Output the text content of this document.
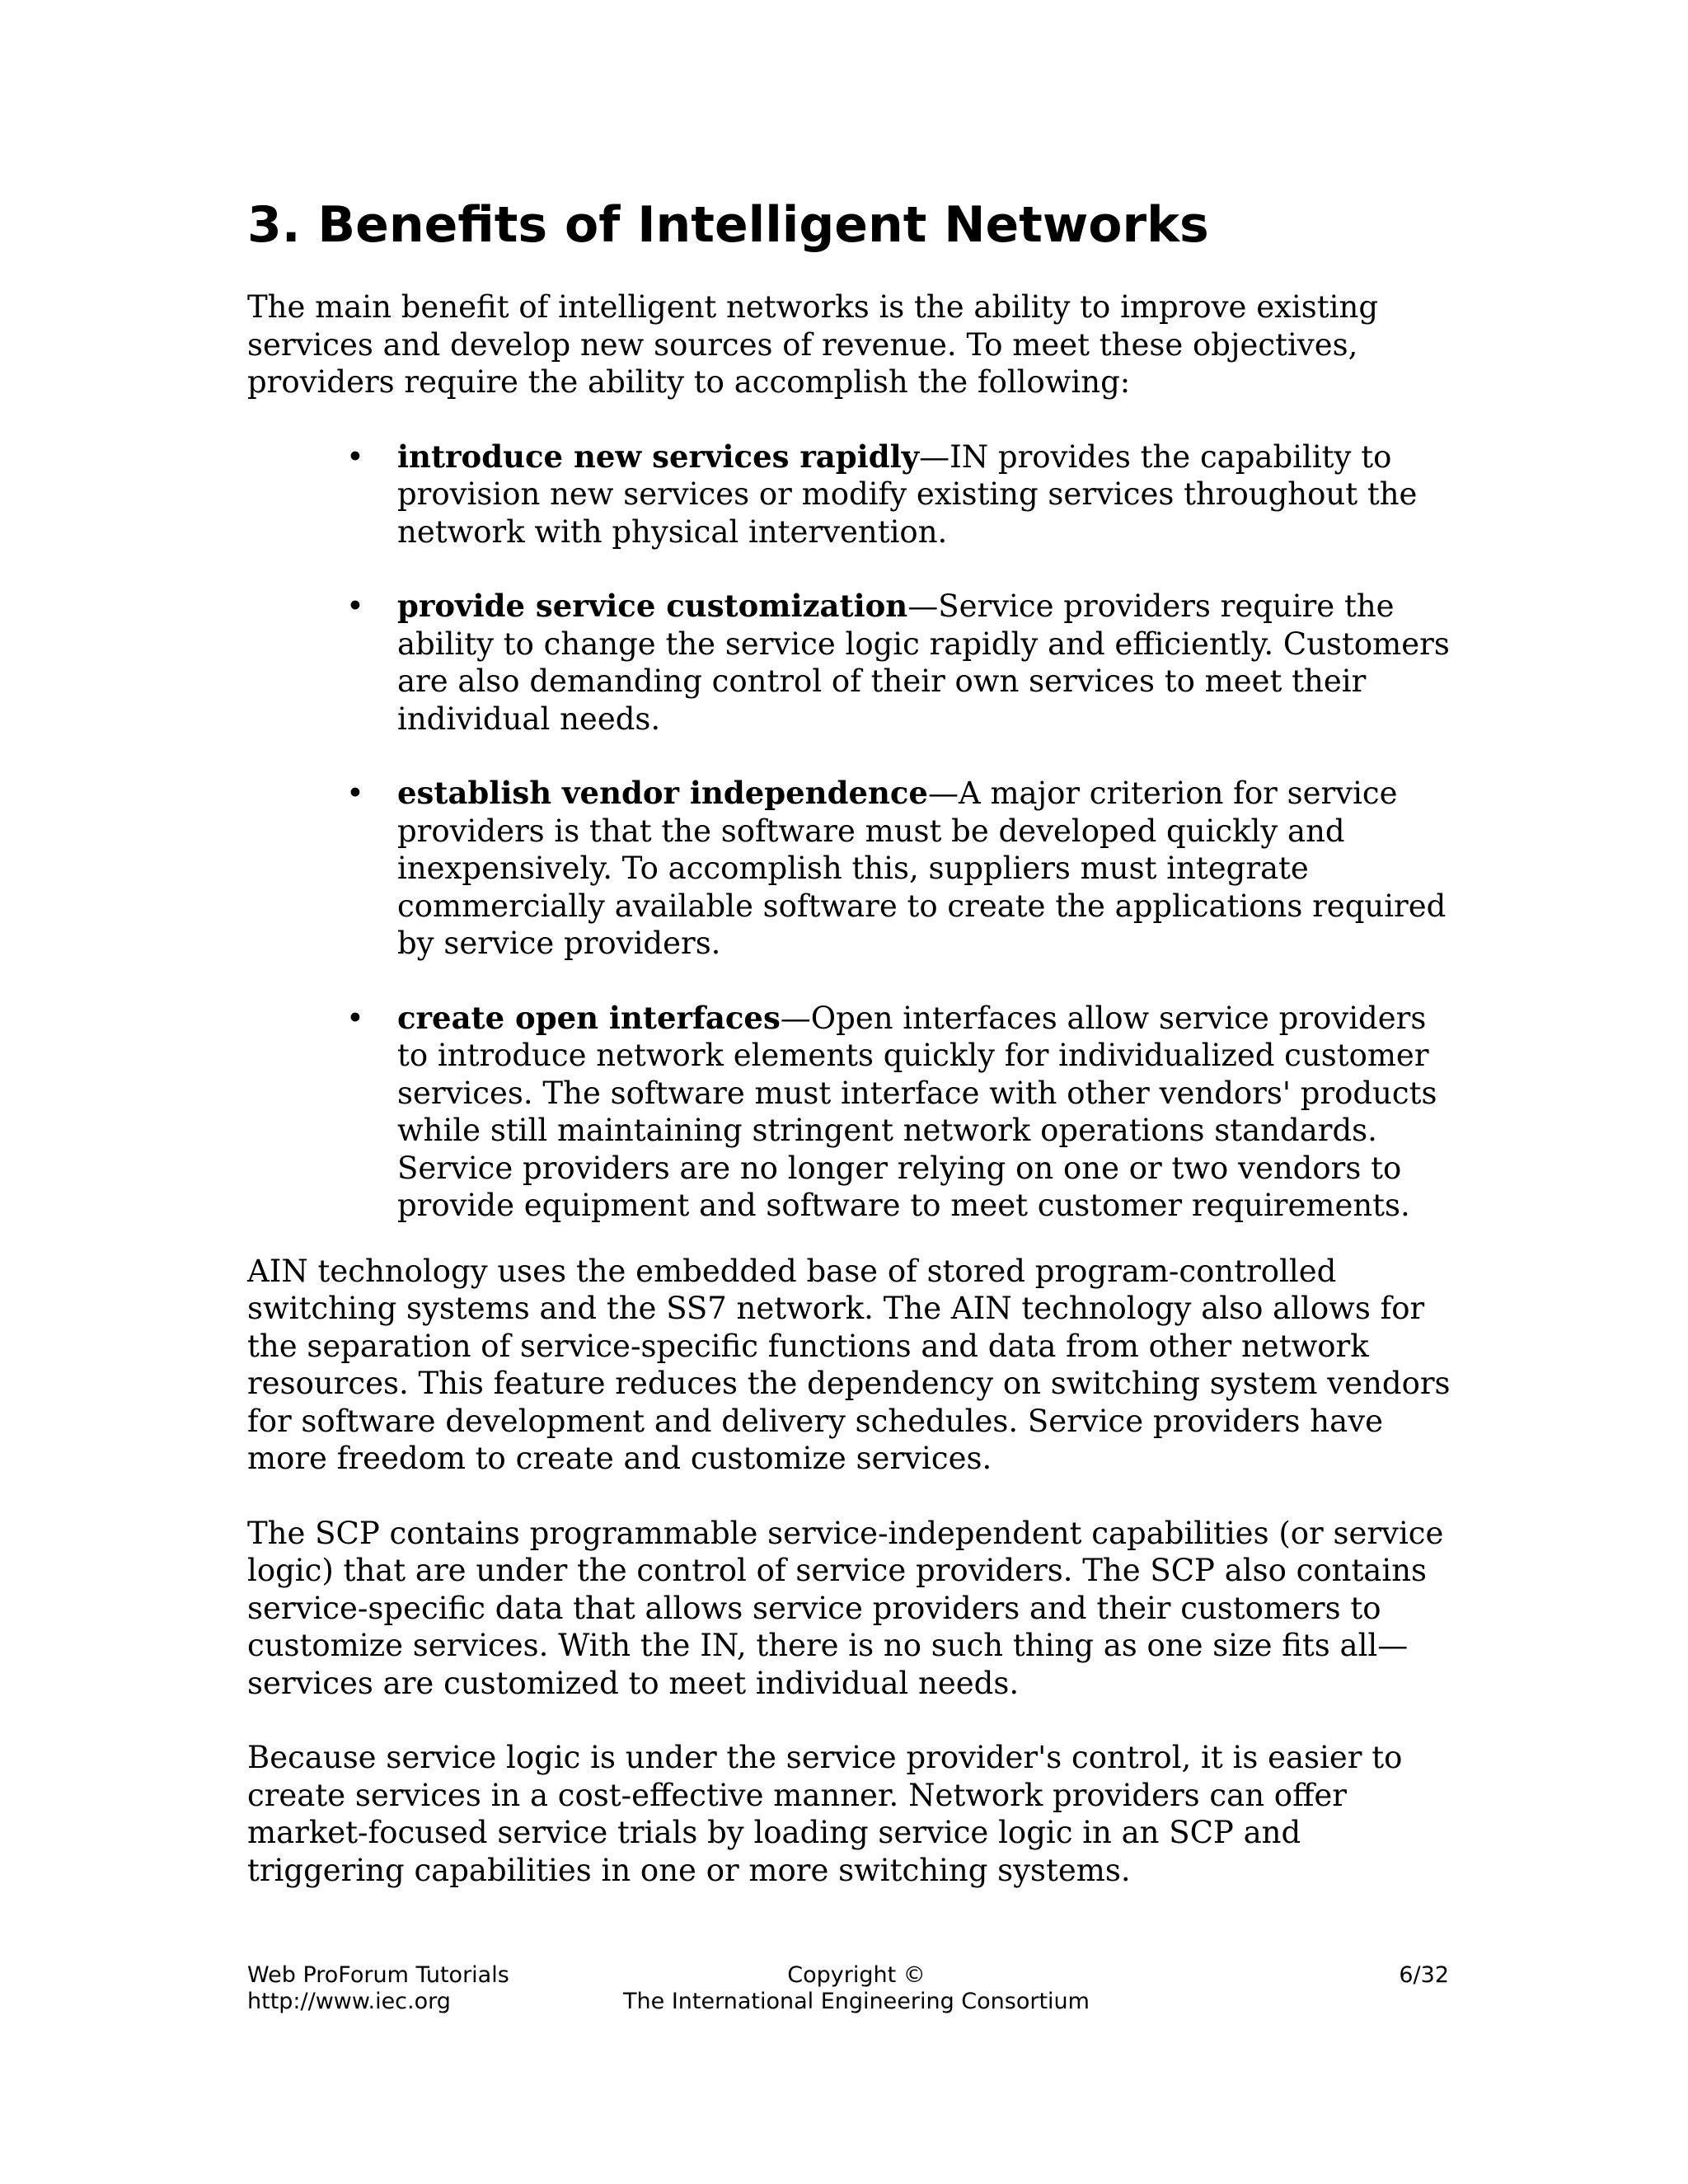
3. Benefits of Intelligent Networks

The main benefit of intelligent networks is the ability to improve existing services and develop new sources of revenue. To meet these objectives, providers require the ability to accomplish the following:

• introduce new services rapidly—IN provides the capability to provision new services or modify existing services throughout the network with physical intervention.
• provide service customization—Service providers require the ability to change the service logic rapidly and efficiently. Customers are also demanding control of their own services to meet their individual needs.
• establish vendor independence—A major criterion for service providers is that the software must be developed quickly and inexpensively. To accomplish this, suppliers must integrate commercially available software to create the applications required by service providers.
• create open interfaces—Open interfaces allow service providers to introduce network elements quickly for individualized customer services. The software must interface with other vendors' products while still maintaining stringent network operations standards. Service providers are no longer relying on one or two vendors to provide equipment and software to meet customer requirements.

AIN technology uses the embedded base of stored program-controlled switching systems and the SS7 network. The AIN technology also allows for the separation of service-specific functions and data from other network resources. This feature reduces the dependency on switching system vendors for software development and delivery schedules. Service providers have more freedom to create and customize services.

The SCP contains programmable service-independent capabilities (or service logic) that are under the control of service providers. The SCP also contains service-specific data that allows service providers and their customers to customize services. With the IN, there is no such thing as one size fits all—services are customized to meet individual needs.

Because service logic is under the service provider's control, it is easier to create services in a cost-effective manner. Network providers can offer market-focused service trials by loading service logic in an SCP and triggering capabilities in one or more switching systems.

Web ProForum Tutorials
http://www.iec.org
Copyright ©
The International Engineering Consortium
6/32
